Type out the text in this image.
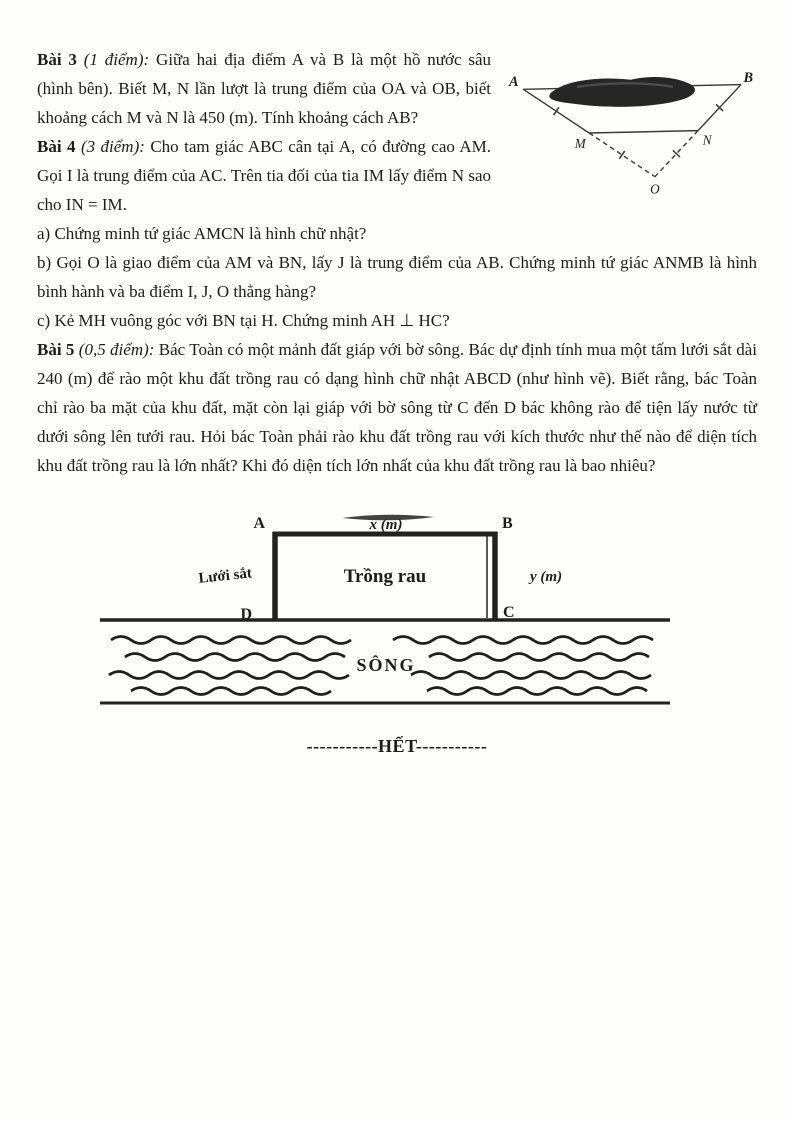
A	B
M	N
O

Bài 3 (1 điểm): Giữa hai địa điểm A và B là một hồ nước sâu (hình bên). Biết M, N lần lượt là trung điểm của OA và OB, biết khoảng cách M và N là 450 (m). Tính khoảng cách AB?

Bài 4 (3 điểm): Cho tam giác ABC cân tại A, có đường cao AM. Gọi I là trung điểm của AC. Trên tia đối của tia IM lấy điểm N sao cho IN = IM.

a) Chứng minh tứ giác AMCN là hình chữ nhật?

b) Gọi O là giao điểm của AM và BN, lấy J là trung điểm của AB. Chứng minh tứ giác ANMB là hình bình hành và ba điểm I, J, O thẳng hàng?

c) Kẻ MH vuông góc với BN tại H. Chứng minh AH ⊥ HC?

Bài 5 (0,5 điểm): Bác Toàn có một mảnh đất giáp với bờ sông. Bác dự định tính mua một tấm lưới sắt dài 240 (m) để rào một khu đất trồng rau có dạng hình chữ nhật ABCD (như hình vẽ). Biết rằng, bác Toàn chỉ rào ba mặt của khu đất, mặt còn lại giáp với bờ sông từ C đến D bác không rào để tiện lấy nước từ dưới sông lên tưới rau. Hỏi bác Toàn phải rào khu đất trồng rau với kích thước như thế nào để diện tích khu đất trồng rau là lớn nhất? Khi đó diện tích lớn nhất của khu đất trồng rau là bao nhiêu?

x (m)
A	B
D	C
Trồng rau
Lưới sắt	y (m)
SÔNG
-----------HẾT-----------
